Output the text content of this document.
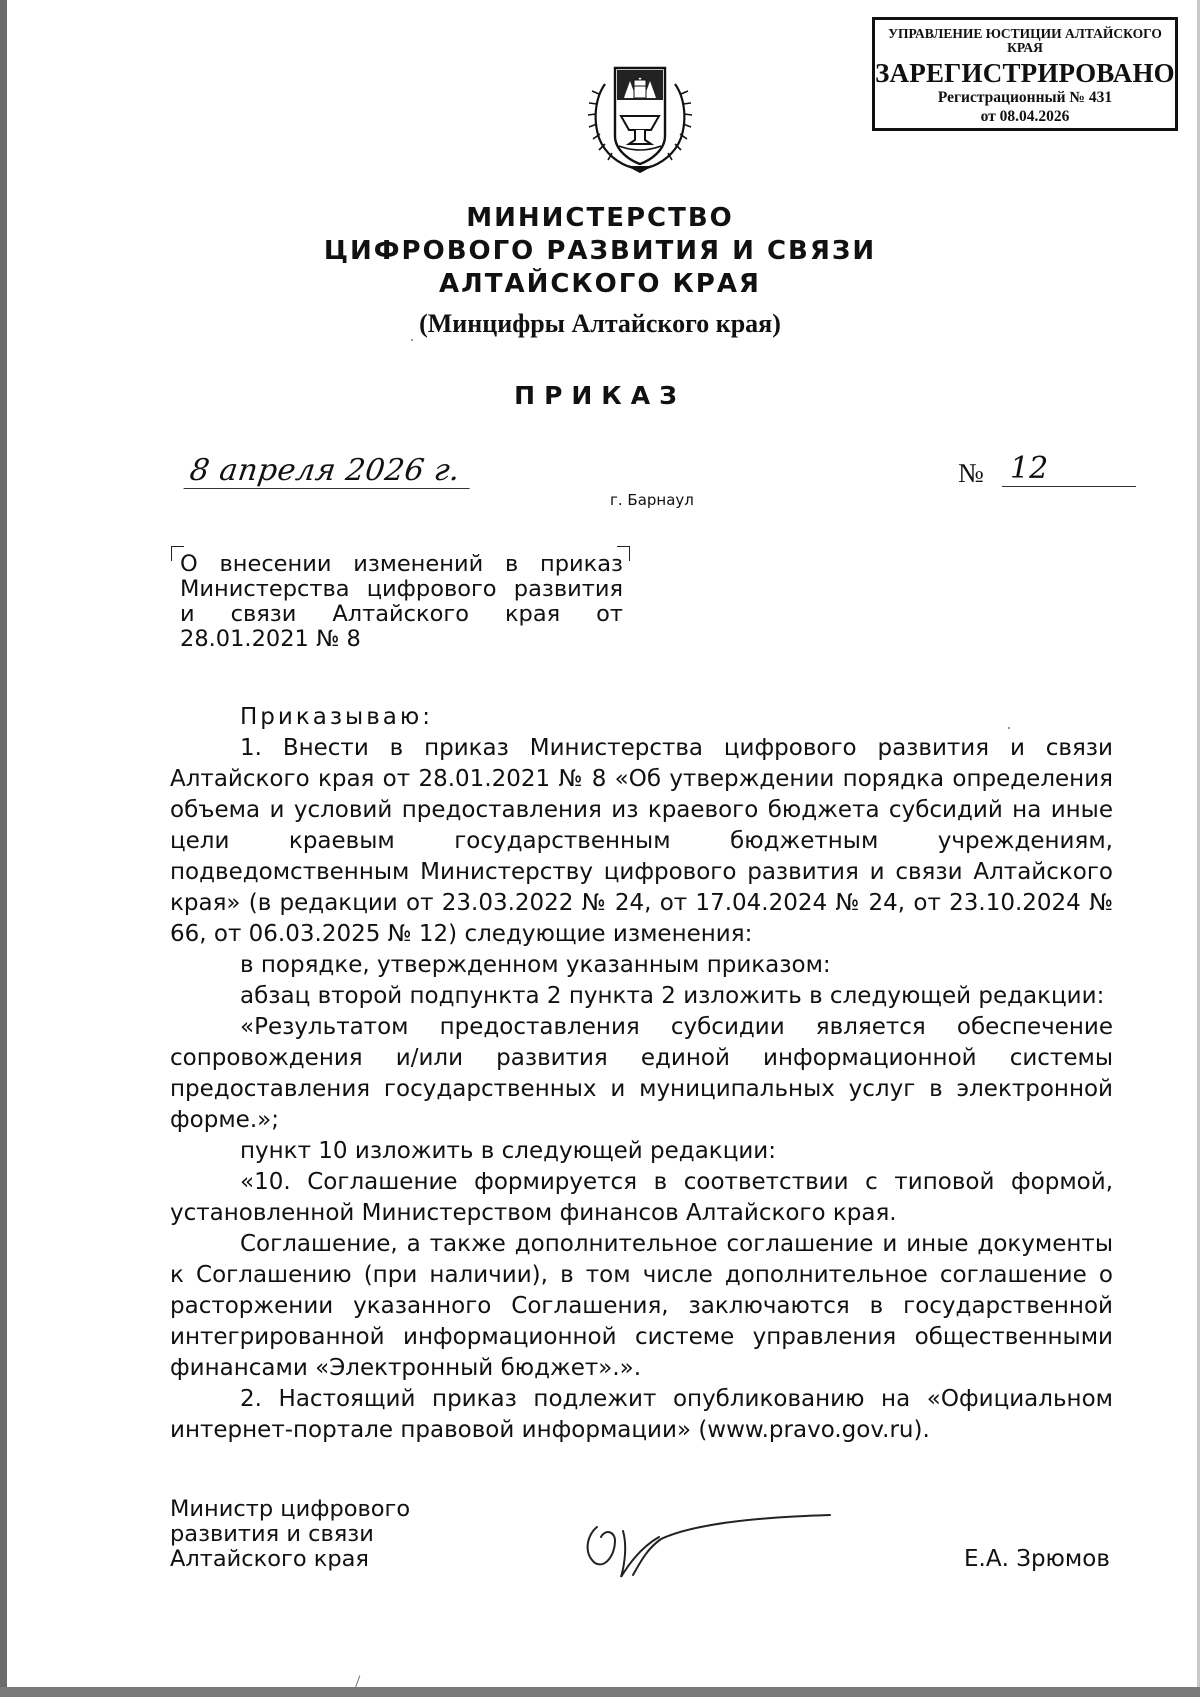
УПРАВЛЕНИЕ ЮСТИЦИИ АЛТАЙСКОГО КРАЯ
ЗАРЕГИСТРИРОВАНО
Регистрационный № 431
от 08.04.2026
МИНИСТЕРСТВО
ЦИФРОВОГО РАЗВИТИЯ И СВЯЗИ
АЛТАЙСКОГО КРАЯ
(Минцифры Алтайского края)
ПРИКАЗ
8 апреля 2026 г.	№ 12
г. Барнаул
О внесении изменений в приказ Министерства цифрового развития и связи Алтайского края от 28.01.2021 № 8

Приказываю:

1. Внести в приказ Министерства цифрового развития и связи Алтайского края от 28.01.2021 № 8 «Об утверждении порядка определения объема и условий предоставления из краевого бюджета субсидий на иные цели краевым государственным бюджетным учреждениям, подведомственным Министерству цифрового развития и связи Алтайского края» (в редакции от 23.03.2022 № 24, от 17.04.2024 № 24, от 23.10.2024 № 66, от 06.03.2025 № 12) следующие изменения:

в порядке, утвержденном указанным приказом:

абзац второй подпункта 2 пункта 2 изложить в следующей редакции:

«Результатом предоставления субсидии является обеспечение сопровождения и/или развития единой информационной системы предоставления государственных и муниципальных услуг в электронной форме.»;

пункт 10 изложить в следующей редакции:

«10. Соглашение формируется в соответствии с типовой формой, установленной Министерством финансов Алтайского края.

Соглашение, а также дополнительное соглашение и иные документы к Соглашению (при наличии), в том числе дополнительное соглашение о расторжении указанного Соглашения, заключаются в государственной интегрированной информационной системе управления общественными финансами «Электронный бюджет».».

2. Настоящий приказ подлежит опубликованию на «Официальном интернет-портале правовой информации» (www.pravo.gov.ru).

Министр цифрового
развития и связи
Алтайского края	Е.А. Зрюмов
